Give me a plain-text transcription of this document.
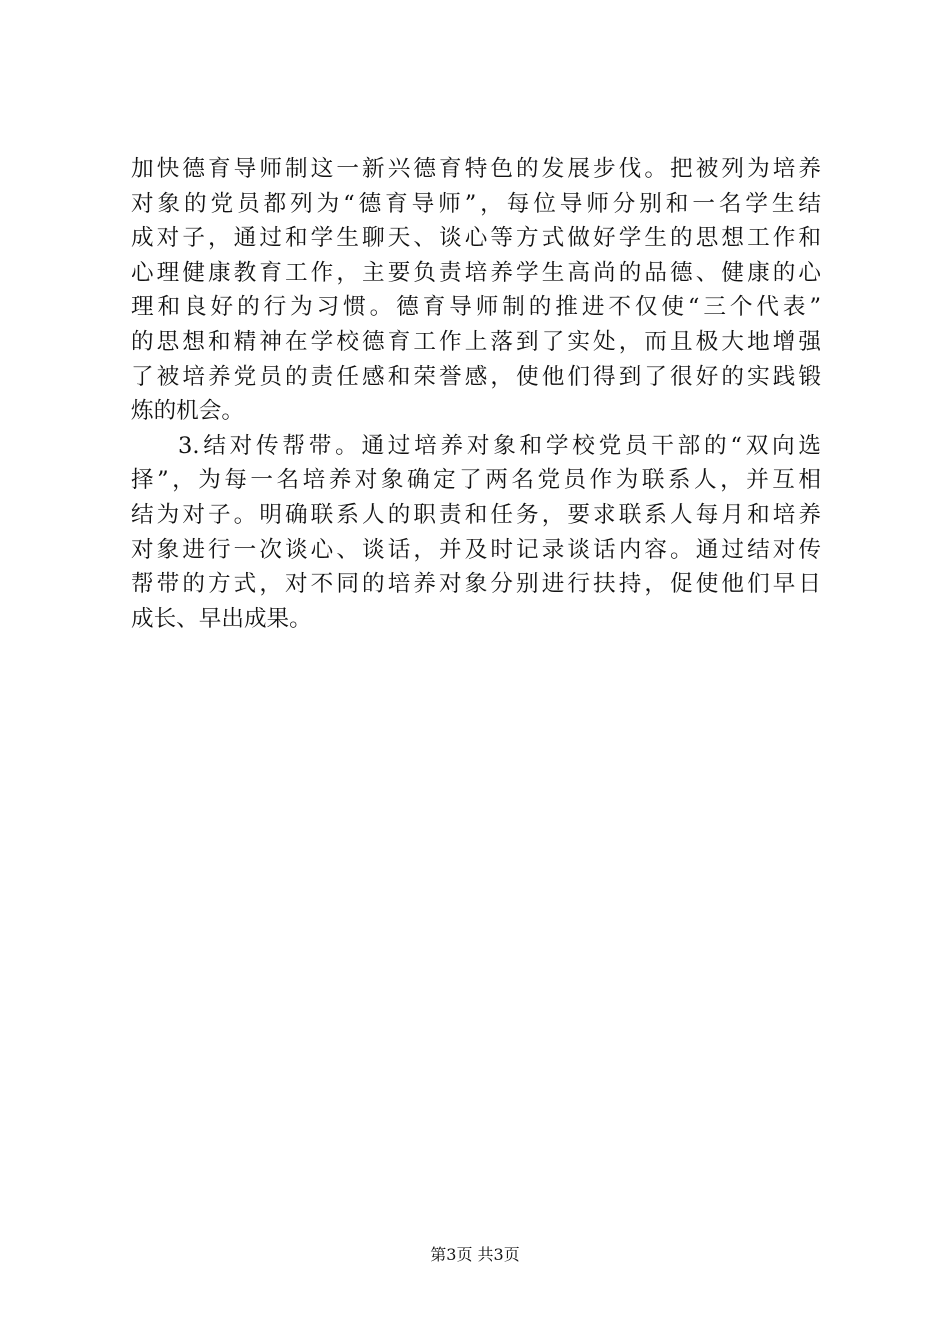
加快德育导师制这一新兴德育特色的发展步伐。把被列为培养
对象的党员都列为“德育导师”，每位导师分别和一名学生结
成对子，通过和学生聊天、谈心等方式做好学生的思想工作和
心理健康教育工作，主要负责培养学生高尚的品德、健康的心
理和良好的行为习惯。德育导师制的推进不仅使“三个代表”
的思想和精神在学校德育工作上落到了实处，而且极大地增强
了被培养党员的责任感和荣誉感，使他们得到了很好的实践锻
炼的机会。
3.结对传帮带。通过培养对象和学校党员干部的“双向选
择”，为每一名培养对象确定了两名党员作为联系人，并互相
结为对子。明确联系人的职责和任务，要求联系人每月和培养
对象进行一次谈心、谈话，并及时记录谈话内容。通过结对传
帮带的方式，对不同的培养对象分别进行扶持，促使他们早日
成长、早出成果。
第3页 共3页
